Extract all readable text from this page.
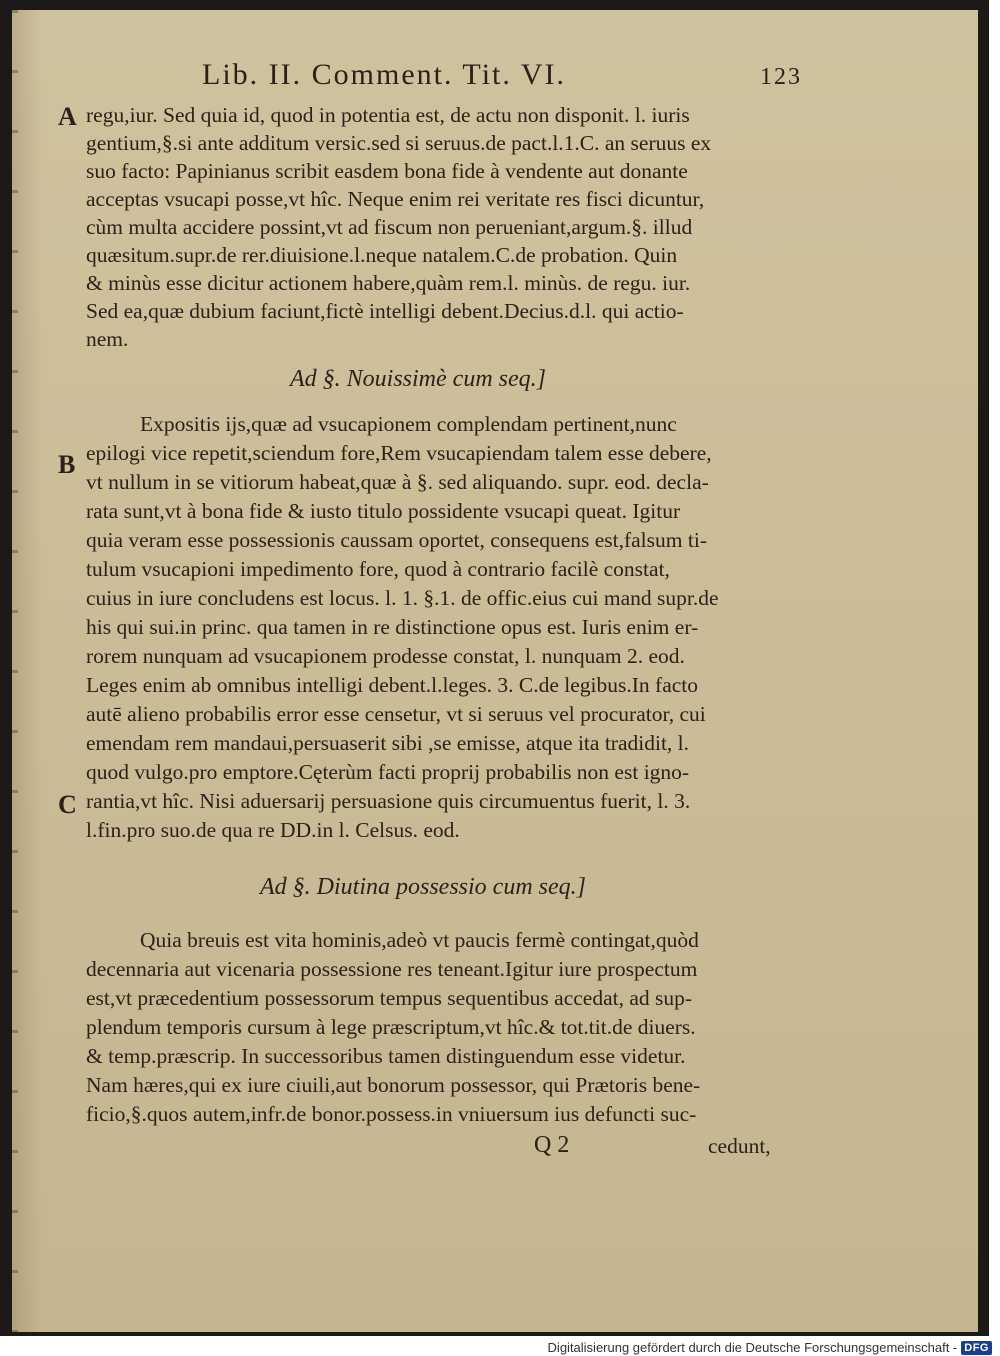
Lib. II. Comment. Tit. VI.	123
A
B
C
regu,iur. Sed quia id, quod in potentia est, de actu non disponit. l. iuris
gentium,§.si ante additum versic.sed si seruus.de pact.l.1.C. an seruus ex
suo facto: Papinianus scribit easdem bona fide à vendente aut donante
acceptas vsucapi posse,vt hîc. Neque enim rei veritate res fisci dicuntur,
cùm multa accidere possint,vt ad fiscum non perueniant,argum.§. illud
quæsitum.supr.de rer.diuisione.l.neque natalem.C.de probation. Quin
& minùs esse dicitur actionem habere,quàm rem.l. minùs. de regu. iur.
Sed ea,quæ dubium faciunt,fictè intelligi debent.Decius.d.l. qui actio-
nem.
Ad §. Nouissimè cum seq.]
Expositis ijs,quæ ad vsucapionem complendam pertinent,nunc
epilogi vice repetit,sciendum fore,Rem vsucapiendam talem esse debere,
vt nullum in se vitiorum habeat,quæ à §. sed aliquando. supr. eod. decla-
rata sunt,vt à bona fide & iusto titulo possidente vsucapi queat. Igitur
quia veram esse possessionis caussam oportet, consequens est,falsum ti-
tulum vsucapioni impedimento fore, quod à contrario facilè constat,
cuius in iure concludens est locus. l. 1. §.1. de offic.eius cui mand supr.de
his qui sui.in princ. qua tamen in re distinctione opus est. Iuris enim er-
rorem nunquam ad vsucapionem prodesse constat, l. nunquam 2. eod.
Leges enim ab omnibus intelligi debent.l.leges. 3. C.de legibus.In facto
autē alieno probabilis error esse censetur, vt si seruus vel procurator, cui
emendam rem mandaui,persuaserit sibi ,se emisse, atque ita tradidit, l.
quod vulgo.pro emptore.Cęterùm facti proprij probabilis non est igno-
rantia,vt hîc. Nisi aduersarij persuasione quis circumuentus fuerit, l. 3.
l.fin.pro suo.de qua re DD.in l. Celsus. eod.
Ad §. Diutina possessio cum seq.]
Quia breuis est vita hominis,adeò vt paucis fermè contingat,quòd
decennaria aut vicenaria possessione res teneant.Igitur iure prospectum
est,vt præcedentium possessorum tempus sequentibus accedat, ad sup-
plendum temporis cursum à lege præscriptum,vt hîc.& tot.tit.de diuers.
& temp.præscrip. In successoribus tamen distinguendum esse videtur.
Nam hæres,qui ex iure ciuili,aut bonorum possessor, qui Prætoris bene-
ficio,§.quos autem,infr.de bonor.possess.in vniuersum ius defuncti suc-
Q 2	cedunt,
Digitalisierung gefördert durch die Deutsche Forschungsgemeinschaft - DFG
